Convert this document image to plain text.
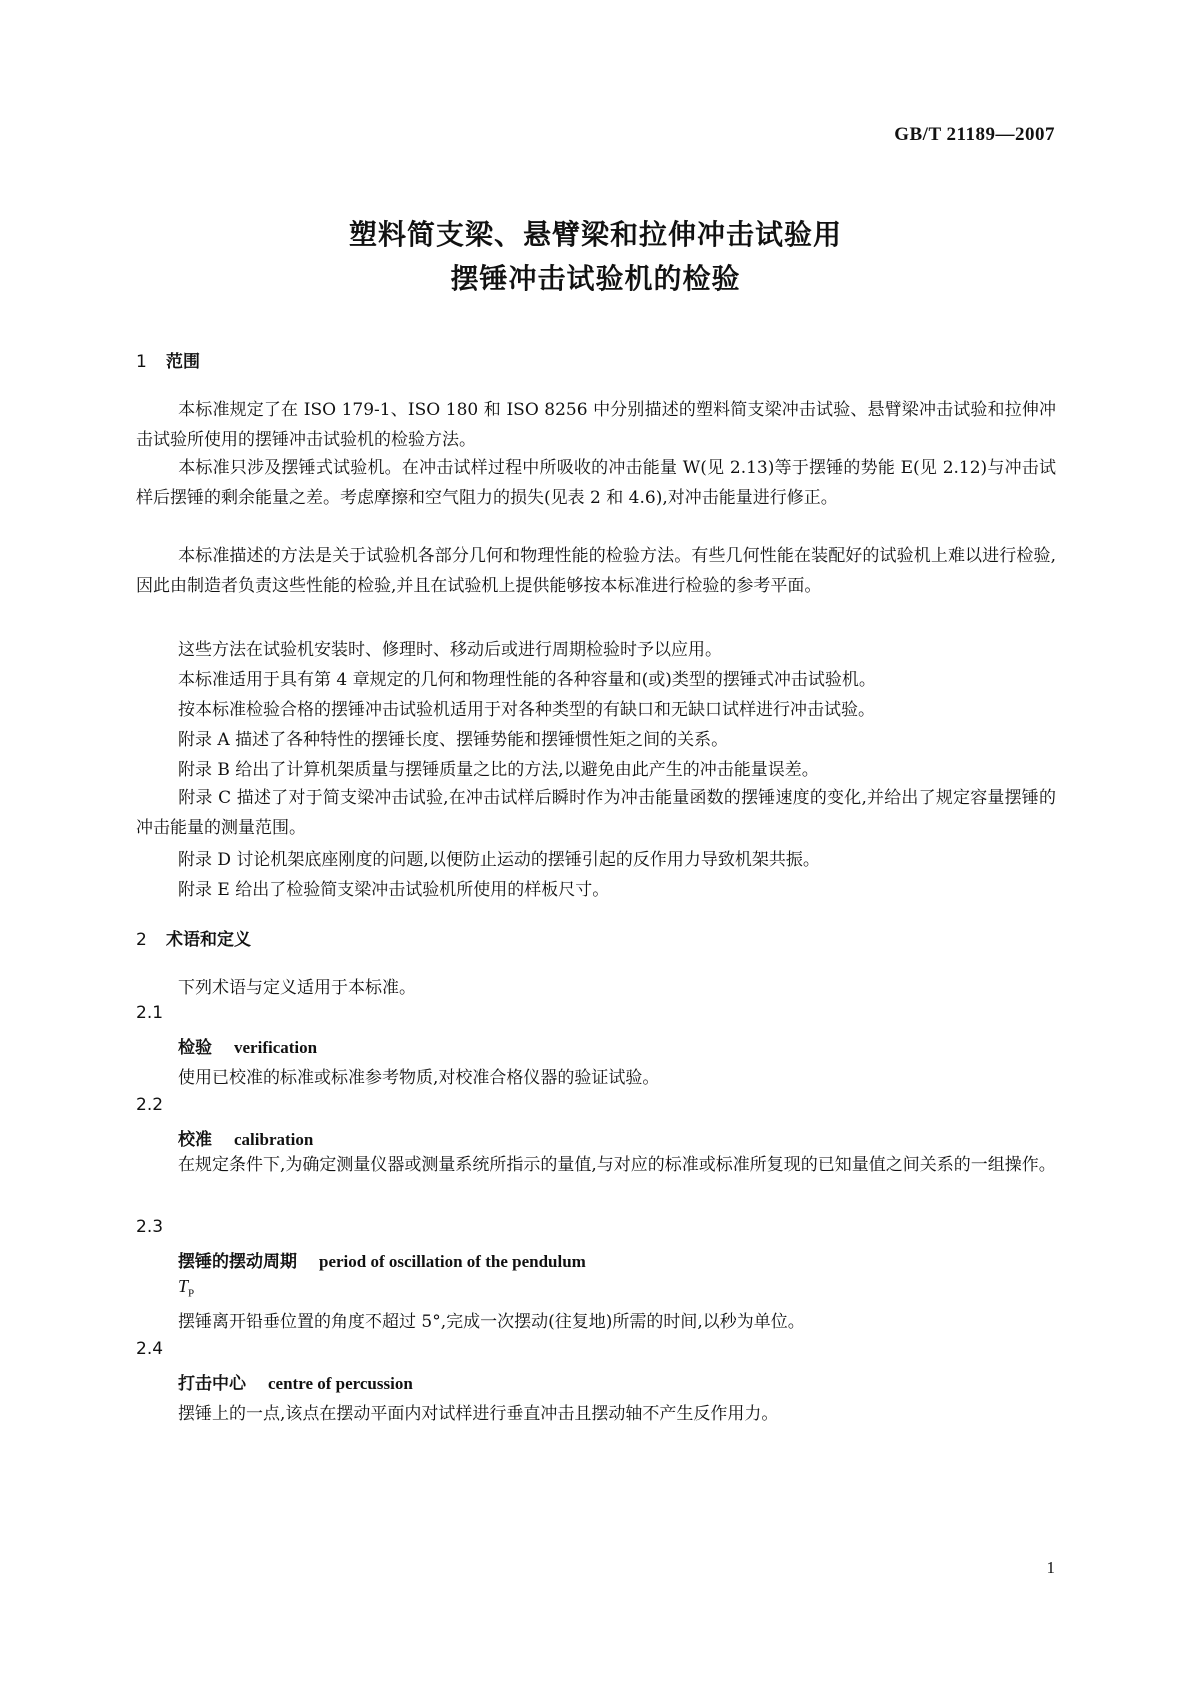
GB/T 21189—2007
塑料简支梁、悬臂梁和拉伸冲击试验用
摆锤冲击试验机的检验
1 范围
本标准规定了在 ISO 179-1、ISO 180 和 ISO 8256 中分别描述的塑料简支梁冲击试验、悬臂梁冲击试验和拉伸冲击试验所使用的摆锤冲击试验机的检验方法。
本标准只涉及摆锤式试验机。在冲击试样过程中所吸收的冲击能量 W(见 2.13)等于摆锤的势能 E(见 2.12)与冲击试样后摆锤的剩余能量之差。考虑摩擦和空气阻力的损失(见表 2 和 4.6),对冲击能量进行修正。
本标准描述的方法是关于试验机各部分几何和物理性能的检验方法。有些几何性能在装配好的试验机上难以进行检验,因此由制造者负责这些性能的检验,并且在试验机上提供能够按本标准进行检验的参考平面。
这些方法在试验机安装时、修理时、移动后或进行周期检验时予以应用。
本标准适用于具有第 4 章规定的几何和物理性能的各种容量和(或)类型的摆锤式冲击试验机。
按本标准检验合格的摆锤冲击试验机适用于对各种类型的有缺口和无缺口试样进行冲击试验。
附录 A 描述了各种特性的摆锤长度、摆锤势能和摆锤惯性矩之间的关系。
附录 B 给出了计算机架质量与摆锤质量之比的方法,以避免由此产生的冲击能量误差。
附录 C 描述了对于简支梁冲击试验,在冲击试样后瞬时作为冲击能量函数的摆锤速度的变化,并给出了规定容量摆锤的冲击能量的测量范围。
附录 D 讨论机架底座刚度的问题,以便防止运动的摆锤引起的反作用力导致机架共振。
附录 E 给出了检验简支梁冲击试验机所使用的样板尺寸。
2 术语和定义
下列术语与定义适用于本标准。
2.1
检验 verification
使用已校准的标准或标准参考物质,对校准合格仪器的验证试验。
2.2
校准 calibration
在规定条件下,为确定测量仪器或测量系统所指示的量值,与对应的标准或标准所复现的已知量值之间关系的一组操作。
2.3
摆锤的摆动周期 period of oscillation of the pendulum
$T_P$
摆锤离开铅垂位置的角度不超过 5°,完成一次摆动(往复地)所需的时间,以秒为单位。
2.4
打击中心 centre of percussion
摆锤上的一点,该点在摆动平面内对试样进行垂直冲击且摆动轴不产生反作用力。
1
